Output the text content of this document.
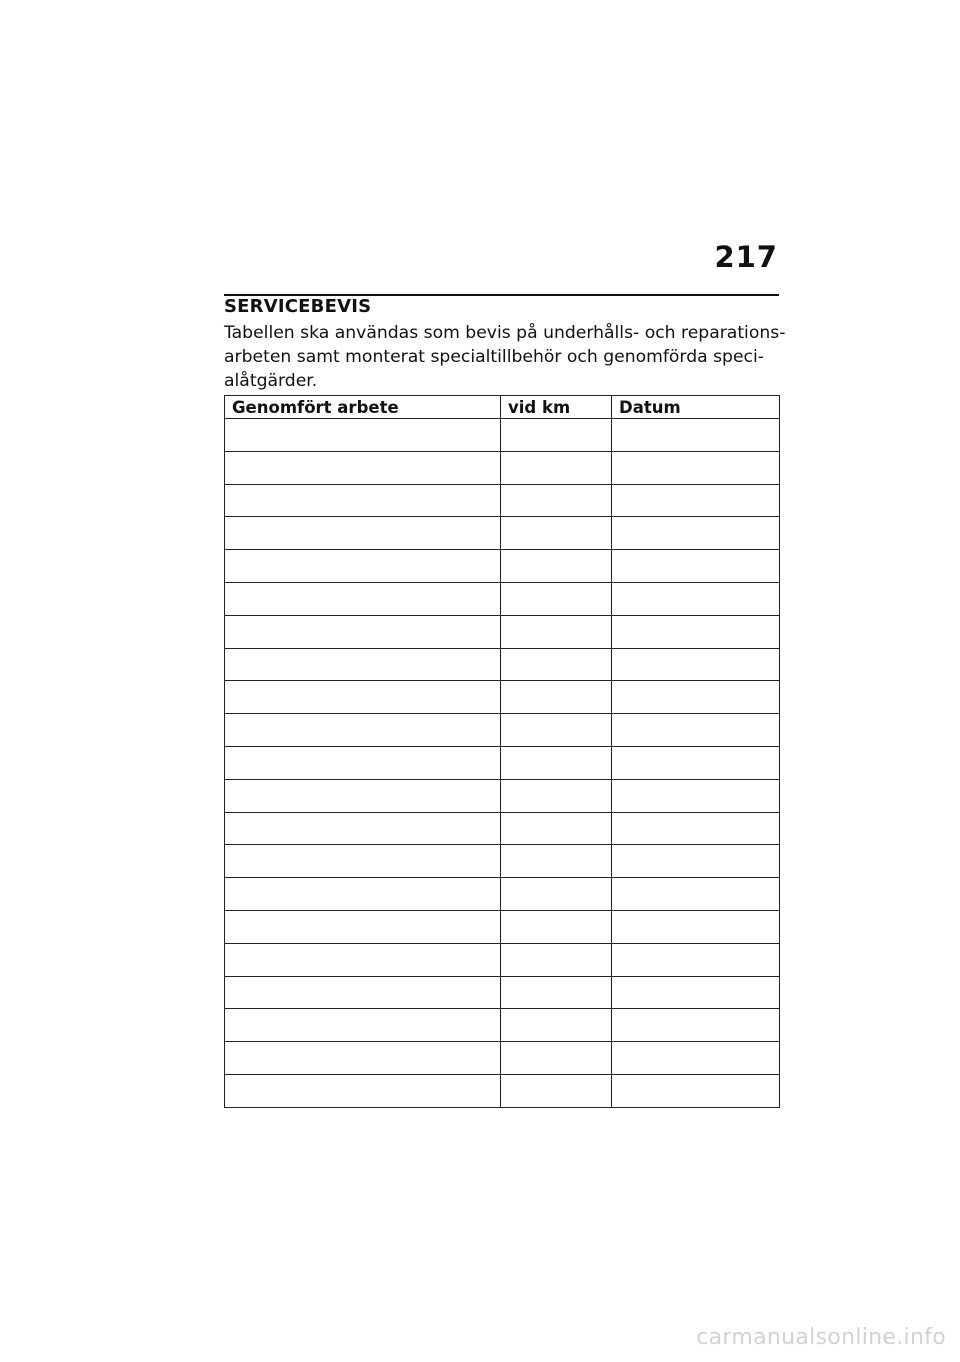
217
SERVICEBEVIS

Tabellen ska användas som bevis på underhålls- och reparations-
arbeten samt monterat specialtillbehör och genomförda speci-
alåtgärder.

Genomfört arbete	vid km	Datum

carmanualsonline.info
